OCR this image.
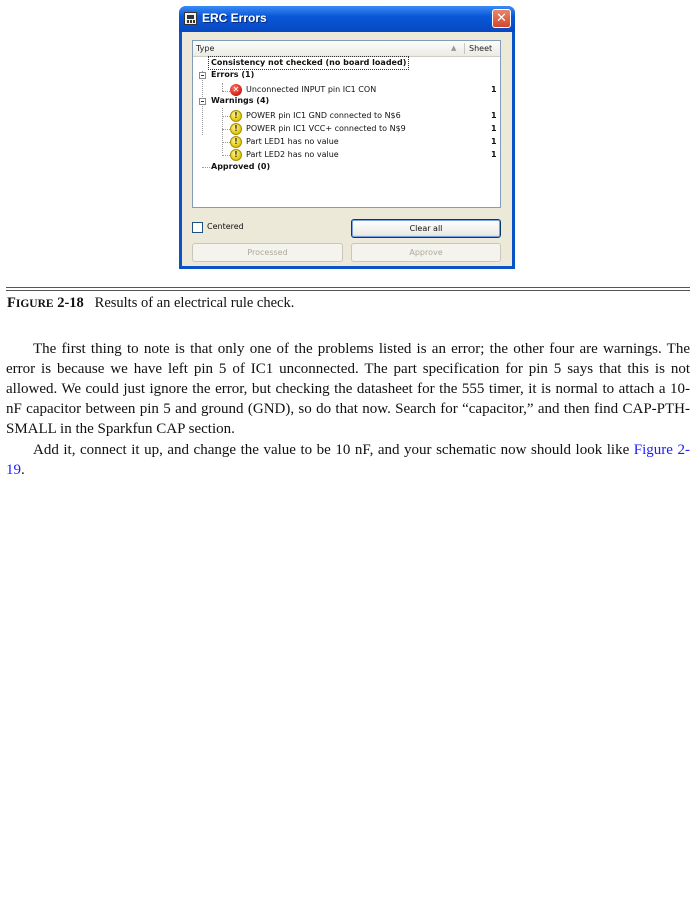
ERC Errors	✕
Type	▲ Sheet
Consistency not checked (no board loaded)
Errors (1)
✕ Unconnected INPUT pin IC1 CON	1
Warnings (4)
!	POWER pin IC1 GND connected to N$6	1
!	POWER pin IC1 VCC+ connected to N$9	1
!	Part LED1 has no value	1
!	Part LED2 has no value	1
Approved (0)
Centered	Clear all
Processed	Approve
FIGURE 2-18 Results of an electrical rule check.

The first thing to note is that only one of the problems listed is an error; the other four are warnings. The error is because we have left pin 5 of IC1 unconnected. The part specification for pin 5 says that this is not allowed. We could just ignore the error, but checking the datasheet for the 555 timer, it is normal to attach a 10-nF capacitor between pin 5 and ground (GND), so do that now. Search for “capacitor,” and then find CAP-PTH-SMALL in the Sparkfun CAP section.

Add it, connect it up, and change the value to be 10 nF, and your schematic now should look like Figure 2-19.
